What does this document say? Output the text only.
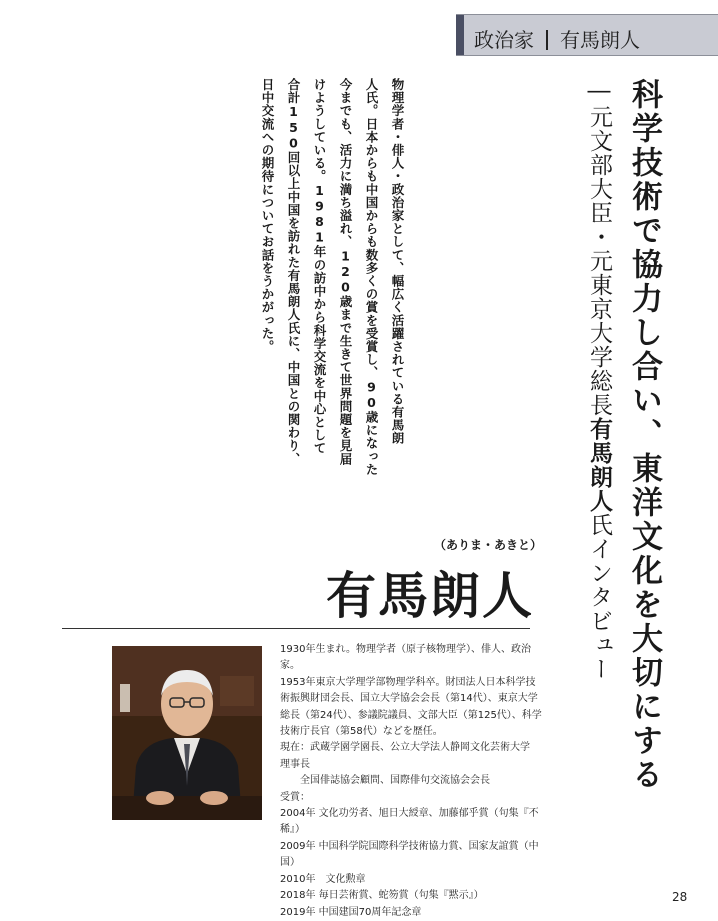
政治家 有馬朗人
科学技術で協力し合い、東洋文化を大切にする
―元文部大臣・元東京大学総長有馬朗人氏インタビュー

物理学者・俳人・政治家として、幅広く活躍されている有馬朗

人氏。日本からも中国からも数多くの賞を受賞し、90歳になった

今までも、活力に満ち溢れ、120歳まで生きて世界問題を見届

けようしている。1981年の訪中から科学交流を中心として

合計150回以上中国を訪れた有馬朗人氏に、中国との関わり、

日中交流への期待についてお話をうかがった。

（ありま・あきと）
有馬朗人

1930年生まれ。物理学者（原子核物理学）、俳人、政治家。

1953年東京大学理学部物理学科卒。財団法人日本科学技

術振興財団会長、国立大学協会会長（第14代）、東京大学

総長（第24代）、参議院議員、文部大臣（第125代）、科学

技術庁長官（第58代）などを歴任。

現在：武蔵学園学園長、公立大学法人静岡文化芸術大学

理事長

全国俳誌協会顧問、国際俳句交流協会会長

受賞：

2004年 文化功労者、旭日大綬章、加藤郁乎賞（句集『不稀』）

2009年 中国科学院国際科学技術協力賞、国家友誼賞（中

国）

2010年　文化勲章

2018年 毎日芸術賞、蛇笏賞（句集『黙示』）

2019年 中国建国70周年記念章

28
